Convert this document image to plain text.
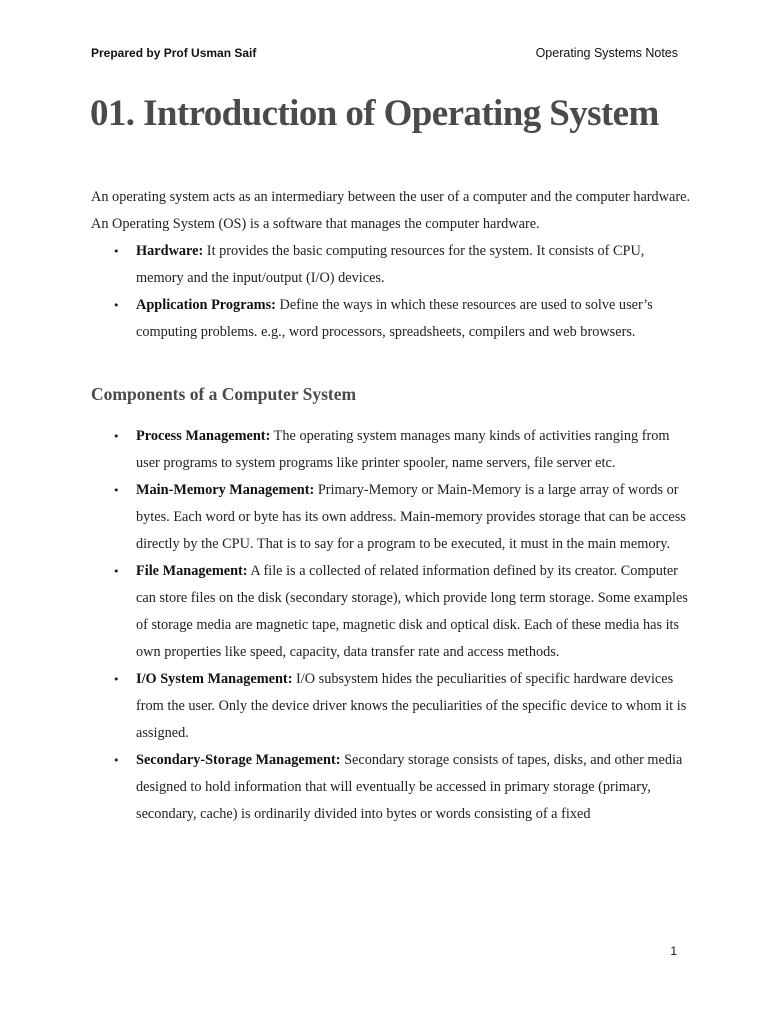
Prepared by Prof Usman Saif	Operating Systems Notes
01. Introduction of Operating System

An operating system acts as an intermediary between the user of a computer and the computer hardware. An Operating System (OS) is a software that manages the computer hardware.

• Hardware: It provides the basic computing resources for the system. It consists of CPU, memory and the input/output (I/O) devices.
• Application Programs: Define the ways in which these resources are used to solve user’s computing problems. e.g., word processors, spreadsheets, compilers and web browsers.
Components of a Computer System
• Process Management: The operating system manages many kinds of activities ranging from user programs to system programs like printer spooler, name servers, file server etc.
• Main-Memory Management: Primary-Memory or Main-Memory is a large array of words or bytes. Each word or byte has its own address. Main-memory provides storage that can be access directly by the CPU. That is to say for a program to be executed, it must in the main memory.
• File Management: A file is a collected of related information defined by its creator. Computer can store files on the disk (secondary storage), which provide long term storage. Some examples of storage media are magnetic tape, magnetic disk and optical disk. Each of these media has its own properties like speed, capacity, data transfer rate and access methods.
• I/O System Management: I/O subsystem hides the peculiarities of specific hardware devices from the user. Only the device driver knows the peculiarities of the specific device to whom it is assigned.
• Secondary-Storage Management: Secondary storage consists of tapes, disks, and other media designed to hold information that will eventually be accessed in primary storage (primary, secondary, cache) is ordinarily divided into bytes or words consisting of a fixed
1
